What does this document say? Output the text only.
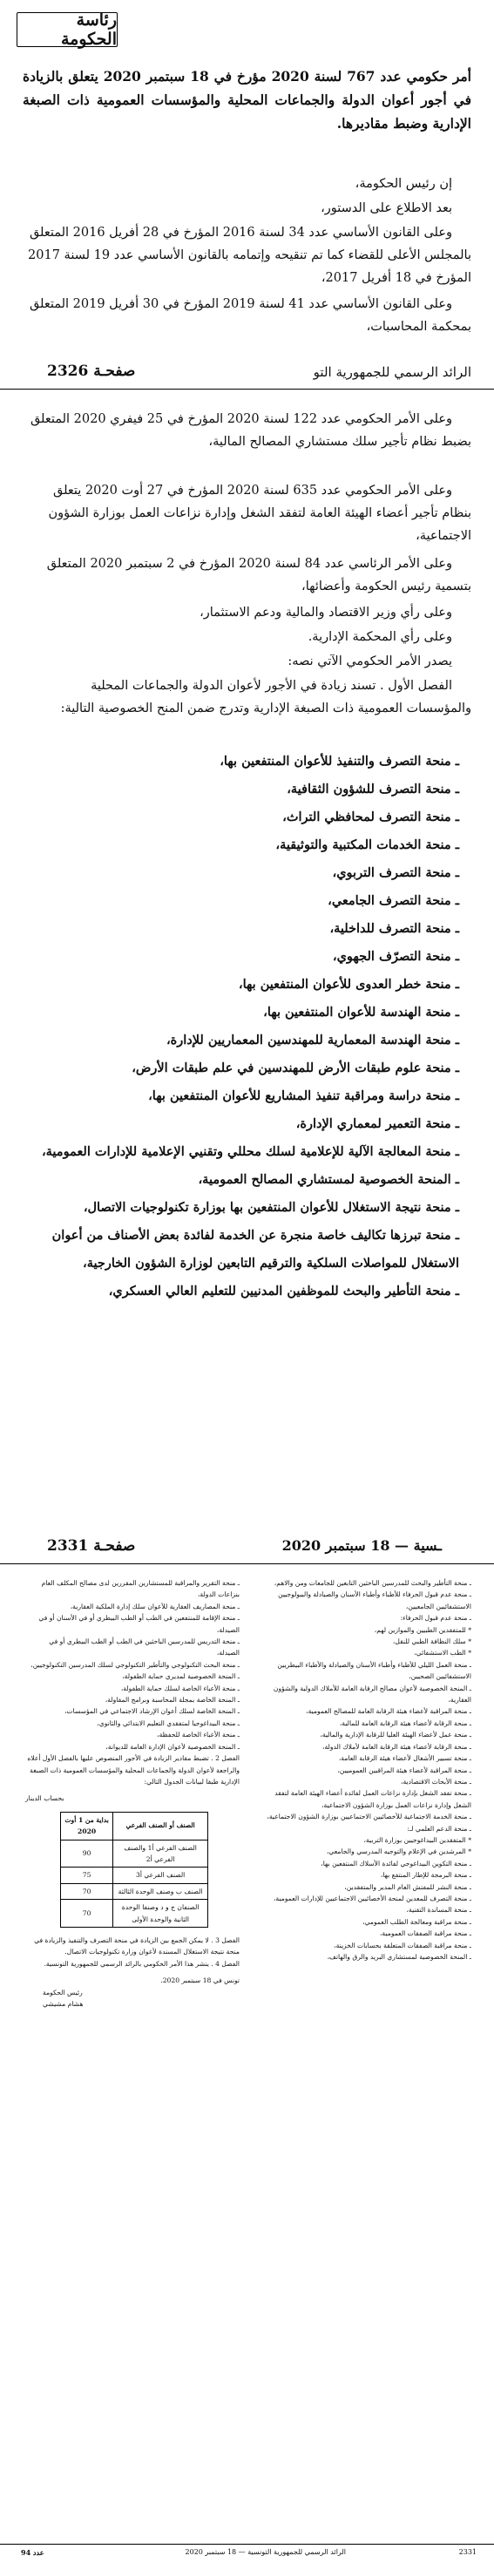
رئاسة الحكومة

أمر حكومي عدد 767 لسنة 2020 مؤرخ في 18 سبتمبر 2020 يتعلق بالزيادة في أجور أعوان الدولة والجماعات المحلية والمؤسسات العمومية ذات الصبغة الإدارية وضبط مقاديرها.

إن رئيس الحكومة،

بعد الاطلاع على الدستور،

وعلى القانون الأساسي عدد 34 لسنة 2016 المؤرخ في 28 أفريل 2016 المتعلق بالمجلس الأعلى للقضاء كما تم تنقيحه وإتمامه بالقانون الأساسي عدد 19 لسنة 2017 المؤرخ في 18 أفريل 2017،

وعلى القانون الأساسي عدد 41 لسنة 2019 المؤرخ في 30 أفريل 2019 المتعلق بمحكمة المحاسبات،

الرائد الرسمي للجمهورية التو
صفحـة 2326

وعلى الأمر الحكومي عدد 122 لسنة 2020 المؤرخ في 25 فيفري 2020 المتعلق بضبط نظام تأجير سلك مستشاري المصالح المالية،

وعلى الأمر الحكومي عدد 635 لسنة 2020 المؤرخ في 27 أوت 2020 يتعلق بنظام تأجير أعضاء الهيئة العامة لتفقد الشغل وإدارة نزاعات العمل بوزارة الشؤون الاجتماعية،

وعلى الأمر الرئاسي عدد 84 لسنة 2020 المؤرخ في 2 سبتمبر 2020 المتعلق بتسمية رئيس الحكومة وأعضائها،

وعلى رأي وزير الاقتصاد والمالية ودعم الاستثمار،

وعلى رأي المحكمة الإدارية.

يصدر الأمر الحكومي الآتي نصه:

الفصل الأول . تسند زيادة في الأجور لأعوان الدولة والجماعات المحلية والمؤسسات العمومية ذات الصبغة الإدارية وتدرج ضمن المنح الخصوصية التالية:

ـ منحة التصرف والتنفيذ للأعوان المنتفعين بها،
ـ منحة التصرف للشؤون الثقافية،
ـ منحة التصرف لمحافظي التراث،
ـ منحة الخدمات المكتبية والتوثيقية،
ـ منحة التصرف التربوي،
ـ منحة التصرف الجامعي،
ـ منحة التصرف للداخلية،
ـ منحة التصرّف الجهوي،
ـ منحة خطر العدوى للأعوان المنتفعين بها،
ـ منحة الهندسة للأعوان المنتفعين بها،
ـ منحة الهندسة المعمارية للمهندسين المعماريين للإدارة،
ـ منحة علوم طبقات الأرض للمهندسين في علم طبقات الأرض،
ـ منحة دراسة ومراقبة تنفيذ المشاريع للأعوان المنتفعين بها،
ـ منحة التعمير لمعماري الإدارة،
ـ منحة المعالجة الآلية للإعلامية لسلك محللي وتقنيي الإعلامية للإدارات العمومية،
ـ المنحة الخصوصية لمستشاري المصالح العمومية،
ـ منحة نتيجة الاستغلال للأعوان المنتفعين بها بوزارة تكنولوجيات الاتصال،
ـ منحة تبرزها تكاليف خاصة منجرة عن الخدمة لفائدة بعض الأصناف من أعوان الاستغلال للمواصلات السلكية والترقيم التابعين لوزارة الشؤون الخارجية،
ـ منحة التأطير والبحث للموظفين المدنيين للتعليم العالي العسكري،
ـسية — 18 سبتمبر 2020
صفحـة 2331

ـ منحة التأطير والبحث للمدرسين الباحثين التابعين للجامعات ومن والاهم،

ـ منحة عدم قبول الحرفاء للأطباء وأطباء الأسنان والصيادلة والبيولوجيين الاستشفائيين الجامعيين،

ـ منحة عدم قبول الحرفاء:

* للمتفقدين الطبيين والموازين لهم،

* سلك النظافة الطبي للنقل،

* الطب الاستشفائي،

ـ منحة العمل الليلي للأطباء وأطباء الأسنان والصيادلة والأطباء البيطريين الاستشفائيين الصحيين،

ـ المنحة الخصوصية لأعوان مصالح الرقابة العامة للأملاك الدولية والشؤون العقارية،

ـ منحة المراقبة لأعضاء هيئة الرقابة العامة للمصالح العمومية،

ـ منحة الرقابة لأعضاء هيئة الرقابة العامة للمالية،

ـ منحة عمل لأعضاء الهيئة العليا للرقابة الإدارية والمالية،

ـ منحة الرقابة لأعضاء هيئة الرقابة العامة لأملاك الدولة،

ـ منحة تسيير الأشغال لأعضاء هيئة الرقابة العامة،

ـ منحة المراقبة لأعضاء هيئة المراقبين العموميين،

ـ منحة الأبحاث الاقتصادية،

ـ منحة تفقد الشغل بإدارة نزاعات العمل لفائدة أعضاء الهيئة العامة لتفقد الشغل وإدارة نزاعات العمل بوزارة الشؤون الاجتماعية،

ـ منحة الخدمة الاجتماعية للأخصائيين الاجتماعيين بوزارة الشؤون الاجتماعية،

ـ منحة الدعم العلمي لـ:

* المتفقدين البيداغوجيين بوزارة التربية،

* المرشدين في الإعلام والتوجيه المدرسي والجامعي،

ـ منحة التكوين البيداغوجي لفائدة الأسلاك المنتفعين بها،

ـ منحة البرمجة للإطار المنتفع بها،

ـ منحة النشر للمفتش العام المدير والمتفقدين،

ـ منحة التصرف للمعدين لمنحة الأخصائيين الاجتماعيين للإدارات العمومية،

ـ منحة المساندة التقنية،

ـ منحة مراقبة ومعالجة الطلب العمومي،

ـ منحة مراقبة الصفقات العمومية،

ـ منحة مراقبة الصفقات المتعلقة بحسابات الخزينة،

ـ المنحة الخصوصية لمستشاري البريد والرق والهاتف،

ـ منحة التقرير والمراقبة للمستشارين المقررين لدى مصالح المكلف العام بنزاعات الدولة،

ـ منحة المصاريف العقارية للأعوان سلك إدارة الملكية العقارية،

ـ منحة الإقامة للمنتفعين في الطب أو الطب البيطري أو في الأسنان أو في الصيدلة،

ـ منحة التدريس للمدرسين الباحثين في الطب أو الطب البيطري أو في الصيدلة،

ـ منحة البحث التكنولوجي والتأطير التكنولوجي لسلك المدرسين التكنولوجيين،

ـ المنحة الخصوصية لمديري حماية الطفولة،

ـ منحة الأعباء الخاصة لسلك حماية الطفولة،

ـ المنحة الخاصة بمجلة المحاسبة وبرامج المقاولة،

ـ المنحة الخاصة لسلك أعوان الإرشاد الاجتماعي في المؤسسات،

ـ منحة البيداغوجيا لمتفقدي التعليم الابتدائي والثانوي،

ـ منحة الأعباء الخاصة للحفظة،

ـ المنحة الخصوصية لأعوان الإدارة العامة للديوانة،

الفصل 2 . تضبط مقادير الزيادة في الأجور المنصوص عليها بالفصل الأول أعلاه والراجعة لأعوان الدولة والجماعات المحلية والمؤسسات العمومية ذات الصبغة الإدارية طبقا لبيانات الجدول التالي:

بحساب الدينار
الصنف أو الصنف الفرعي	بداية من 1 أوت 2020
الصنف الفرعي أ1 والصنف الفرعي أ2	90
الصنف الفرعي أ3	75
الصنف ب وصنف الوحدة الثالثة	70
الصنفان ج و د وصنفا الوحدة الثانية والوحدة الأولى	70

الفصل 3 . لا يمكن الجمع بين الزيادة في منحة التصرف والتنفيذ والزيادة في منحة نتيجة الاستغلال المسندة لأعوان وزارة تكنولوجيات الاتصال.

الفصل 4 . ينشر هذا الأمر الحكومي بالرائد الرسمي للجمهورية التونسية.

تونس في 18 سبتمبر 2020.

رئيس الحكومة

هشام مشيشي

عدد 94	الرائد الرسمي للجمهورية التونسية — 18 سبتمبر 2020	2331
